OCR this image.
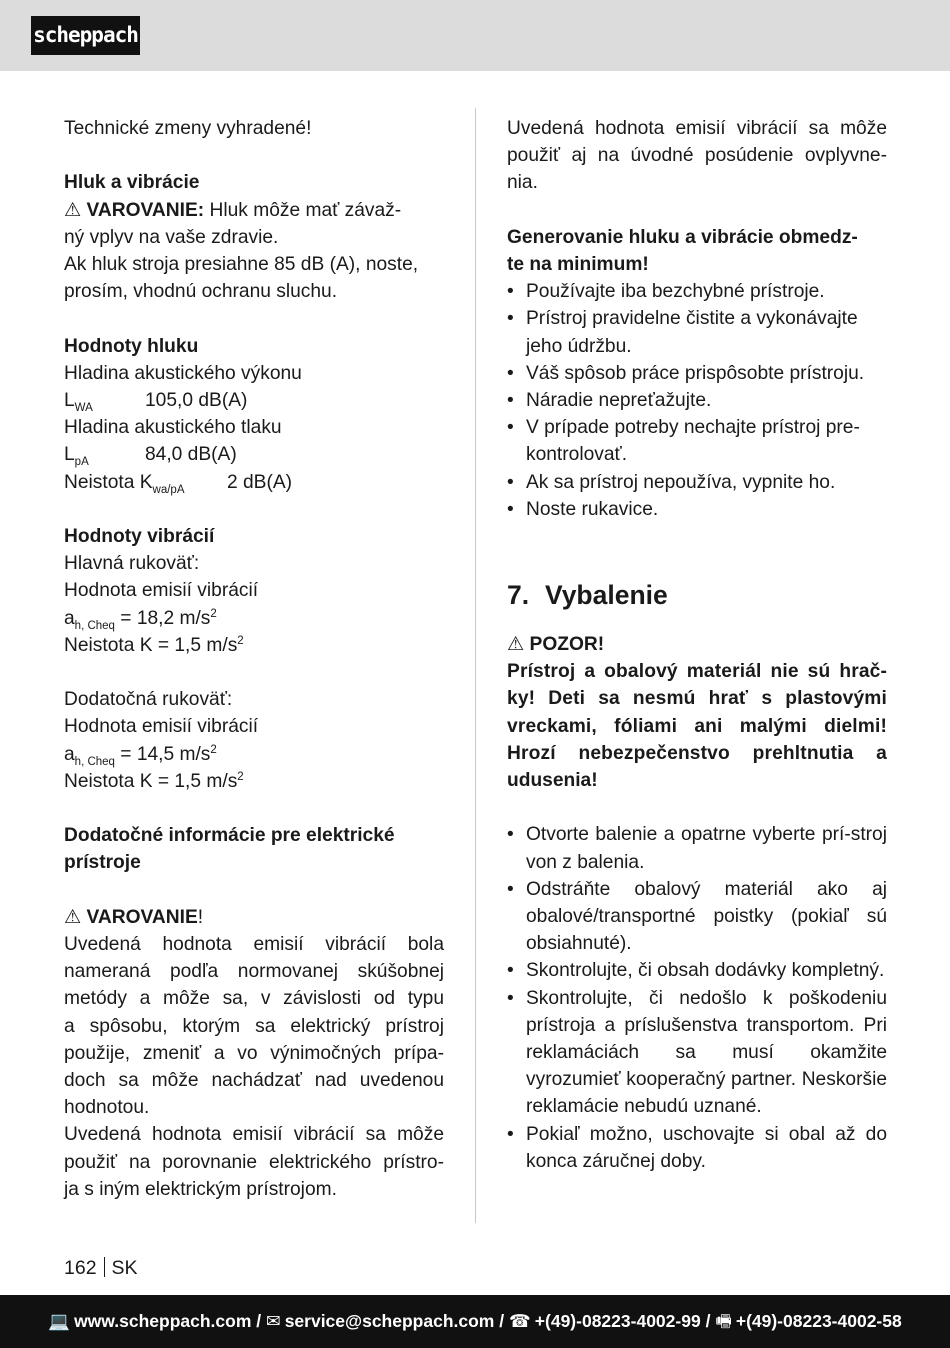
scheppach

Technické zmeny vyhradené!

Hluk a vibrácie

⚠ VAROVANIE: Hluk môže mať závaž-

ný vplyv na vaše zdravie.

Ak hluk stroja presiahne 85 dB (A), noste,

prosím, vhodnú ochranu sluchu.

Hodnoty hluku

Hladina akustického výkonu

$L_{WA}$	105,0 dB(A)

Hladina akustického tlaku

$L_{pA}$	84,0 dB(A)
Neistota $K_{wa/pA}$ 2 dB(A)

Hodnoty vibrácií

Hlavná rukoväť:

Hodnota emisií vibrácií

$a_{h, Cheq} = 18,2$ $m/s^2$

Neistota K = 1,5 $m/s^2$

Dodatočná rukoväť:

Hodnota emisií vibrácií

$a_{h, Cheq} = 14,5$ $m/s^2$

Neistota K = 1,5 $m/s^2$

Dodatočné informácie pre elektrické
prístroje

⚠ VAROVANIE!

Uvedená hodnota emisií vibrácií bola

nameraná podľa normovanej skúšobnej

metódy a môže sa, v závislosti od typu

a spôsobu, ktorým sa elektrický prístroj

použije, zmeniť a vo výnimočných prípa-

doch sa môže nachádzať nad uvedenou

hodnotou.

Uvedená hodnota emisií vibrácií sa môže

použiť na porovnanie elektrického prístro-

ja s iným elektrickým prístrojom.

Uvedená hodnota emisií vibrácií sa môže

použiť aj na úvodné posúdenie ovplyvne-

nia.

Generovanie hluku a vibrácie obmedz-
te na minimum!

• Používajte iba bezchybné prístroje.
• Prístroj pravidelne čistite a vykonávajte jeho údržbu.
• Váš spôsob práce prispôsobte prístroju.
• Náradie nepreťažujte.
• V prípade potreby nechajte prístroj pre-kontrolovať.
• Ak sa prístroj nepoužíva, vypnite ho.
• Noste rukavice.

7. Vybalenie

⚠ POZOR!

Prístroj a obalový materiál nie sú hrač-

ky! Deti sa nesmú hrať s plastovými

vreckami, fóliami ani malými dielmi!

Hrozí nebezpečenstvo prehltnutia a

udusenia!

• Otvorte balenie a opatrne vyberte prí-stroj von z balenia.
• Odstráňte obalový materiál ako aj obalové/transportné poistky (pokiaľ sú obsiahnuté).
• Skontrolujte, či obsah dodávky kompletný.
• Skontrolujte, či nedošlo k poškodeniu prístroja a príslušenstva transportom. Pri reklamáciách sa musí okamžite vyrozumieť kooperačný partner. Neskoršie reklamácie nebudú uznané.
• Pokiaľ možno, uschovajte si obal až do konca záručnej doby.
162 SK
💻 www.scheppach.com / ✉ service@scheppach.com / ☎ +(49)-08223-4002-99 / 🖷 +(49)-08223-4002-58
